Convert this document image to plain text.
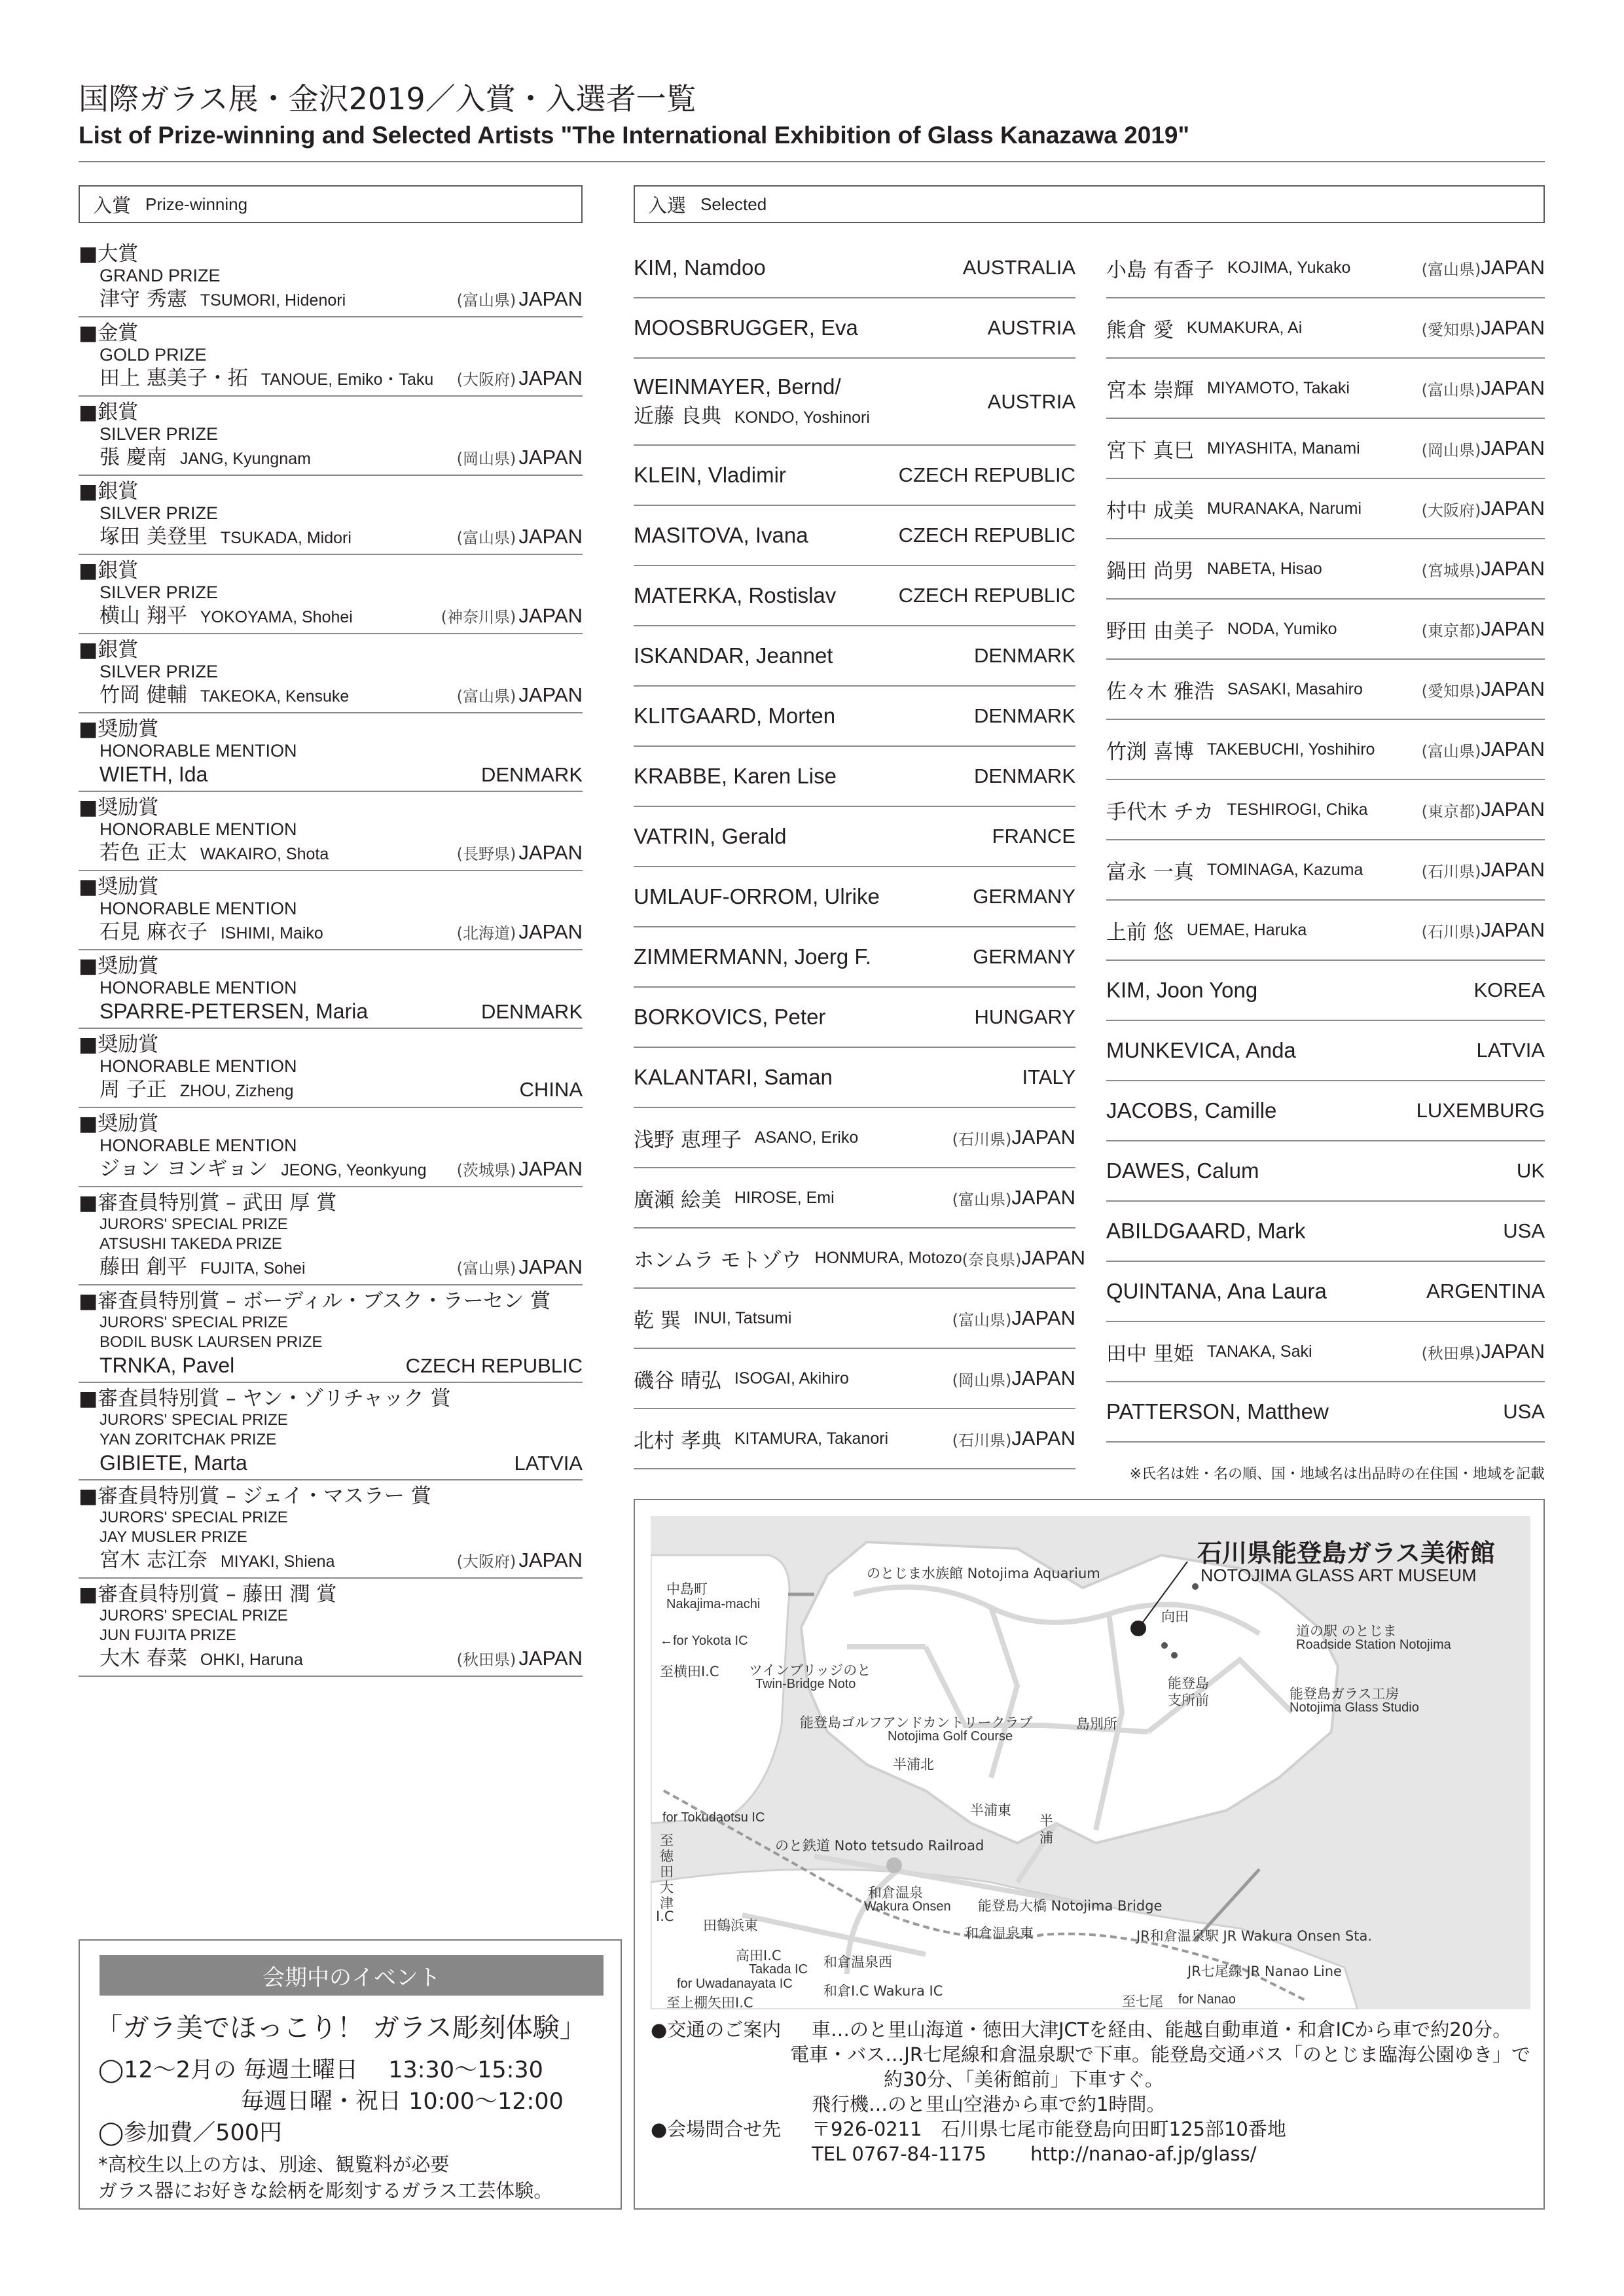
国際ガラス展・金沢2019／入賞・入選者一覧
List of Prize-winning and Selected Artists "The International Exhibition of Glass Kanazawa 2019"
入賞 Prize-winning	入選 Selected
■大賞
GRAND PRIZE
津守 秀憲 TSUMORI, Hidenori	(富山県) JAPAN
■金賞
GOLD PRIZE
田上 惠美子・拓 TANOUE, Emiko・Taku (大阪府) JAPAN
■銀賞
SILVER PRIZE
張 慶南 JANG, Kyungnam	(岡山県) JAPAN
■銀賞
SILVER PRIZE
塚田 美登里 TSUKADA, Midori	(富山県) JAPAN
■銀賞
SILVER PRIZE
横山 翔平 YOKOYAMA, Shohei	(神奈川県) JAPAN
■銀賞
SILVER PRIZE
竹岡 健輔 TAKEOKA, Kensuke	(富山県) JAPAN
■奨励賞
HONORABLE MENTION
WIETH, Ida	DENMARK
■奨励賞
HONORABLE MENTION
若色 正太 WAKAIRO, Shota	(長野県) JAPAN
■奨励賞
HONORABLE MENTION
石見 麻衣子 ISHIMI, Maiko	(北海道) JAPAN
■奨励賞
HONORABLE MENTION
SPARRE-PETERSEN, Maria	DENMARK
■奨励賞
HONORABLE MENTION
周 子正 ZHOU, Zizheng	CHINA
■奨励賞
HONORABLE MENTION
ジョン ヨンギョン JEONG, Yeonkyung (茨城県) JAPAN
■審査員特別賞 – 武田 厚 賞
JURORS' SPECIAL PRIZE
ATSUSHI TAKEDA PRIZE
藤田 創平 FUJITA, Sohei	(富山県) JAPAN
■審査員特別賞 – ボーディル・ブスク・ラーセン 賞
JURORS' SPECIAL PRIZE
BODIL BUSK LAURSEN PRIZE
TRNKA, Pavel	CZECH REPUBLIC
■審査員特別賞 – ヤン・ゾリチャック 賞
JURORS' SPECIAL PRIZE
YAN ZORITCHAK PRIZE
GIBIETE, Marta	LATVIA
■審査員特別賞 – ジェイ・マスラー 賞
JURORS' SPECIAL PRIZE
JAY MUSLER PRIZE
宮木 志江奈 MIYAKI, Shiena	(大阪府) JAPAN
■審査員特別賞 – 藤田 潤 賞
JURORS' SPECIAL PRIZE
JUN FUJITA PRIZE
大木 春菜 OHKI, Haruna	(秋田県) JAPAN
KIM, Namdoo	AUSTRALIA
MOOSBRUGGER, Eva	AUSTRIA
WEINMAYER, Bernd/
近藤 良典 KONDO, Yoshinori
AUSTRIA
KLEIN, Vladimir	CZECH REPUBLIC
MASITOVA, Ivana	CZECH REPUBLIC
MATERKA, Rostislav	CZECH REPUBLIC
ISKANDAR, Jeannet	DENMARK
KLITGAARD, Morten	DENMARK
KRABBE, Karen Lise	DENMARK
VATRIN, Gerald	FRANCE
UMLAUF-ORROM, Ulrike	GERMANY
ZIMMERMANN, Joerg F.	GERMANY
BORKOVICS, Peter	HUNGARY
KALANTARI, Saman	ITALY
浅野 恵理子 ASANO, Eriko	(石川県) JAPAN
廣瀬 絵美 HIROSE, Emi	(富山県) JAPAN
ホンムラ モトゾウ HONMURA, Motozo (奈良県) JAPAN
乾 巽 INUI, Tatsumi	(富山県) JAPAN
磯谷 晴弘 ISOGAI, Akihiro	(岡山県) JAPAN
北村 孝典 KITAMURA, Takanori	(石川県) JAPAN
小島 有香子 KOJIMA, Yukako	(富山県) JAPAN
熊倉 愛 KUMAKURA, Ai	(愛知県) JAPAN
宮本 崇輝 MIYAMOTO, Takaki	(富山県) JAPAN
宮下 真巳 MIYASHITA, Manami	(岡山県) JAPAN
村中 成美 MURANAKA, Narumi	(大阪府) JAPAN
鍋田 尚男 NABETA, Hisao	(宮城県) JAPAN
野田 由美子 NODA, Yumiko	(東京都) JAPAN
佐々木 雅浩 SASAKI, Masahiro	(愛知県) JAPAN
竹渕 喜博 TAKEBUCHI, Yoshihiro	(富山県) JAPAN
手代木 チカ TESHIROGI, Chika	(東京都) JAPAN
富永 一真 TOMINAGA, Kazuma	(石川県) JAPAN
上前 悠 UEMAE, Haruka	(石川県) JAPAN
KIM, Joon Yong	KOREA
MUNKEVICA, Anda	LATVIA
JACOBS, Camille	LUXEMBURG
DAWES, Calum	UK
ABILDGAARD, Mark	USA
QUINTANA, Ana Laura	ARGENTINA
田中 里姫 TANAKA, Saki	(秋田県) JAPAN
PATTERSON, Matthew	USA
※氏名は姓・名の順、国・地域名は出品時の在住国・地域を記載
会期中のイベント
「ガラ美でほっこり！ ガラス彫刻体験」
◯12～2月の 毎週土曜日　 13:30～15:30
毎週日曜・祝日 10:00～12:00
◯参加費／500円
*高校生以上の方は、別途、観覧料が必要
ガラス器にお好きな絵柄を彫刻するガラス工芸体験。
石川県能登島ガラス美術館
NOTOJIMA GLASS ART MUSEUM
中島町
Nakajima-machi
←for Yokota IC
至横田I.C
のとじま水族館 Notojima Aquarium
ツインブリッジのと
Twin-Bridge Noto
向田
道の駅 のとじま
Roadside Station Notojima
能登島ゴルフアンドカントリークラブ
Notojima Golf Course
島別所
能登島
支所前	能登島ガラス工房
Notojima Glass Studio
半浦北
半浦東
半
浦
for Tokudaotsu IC
至
徳
田
大
津
I.C
のと鉄道 Noto tetsudo Railroad
和倉温泉
Wakura Onsen 能登島大橋 Notojima Bridge
田鶴浜東	和倉温泉東
高田I.C
Takada IC 和倉温泉西
JR和倉温泉駅 JR Wakura Onsen Sta.
JR七尾線 JR Nanao Line
for Uwadanayata IC 和倉I.C Wakura IC
至上棚矢田I.C	至七尾 for Nanao
●交通のご案内	車…のと里山海道・徳田大津JCTを経由、能越自動車道・和倉ICから車で約20分。
電車・バス…JR七尾線和倉温泉駅で下車。能登島交通バス「のとじま臨海公園ゆき」で
約30分、「美術館前」下車すぐ。
飛行機…のと里山空港から車で約1時間。
●会場問合せ先	〒926-0211　石川県七尾市能登島向田町125部10番地
TEL 0767-84-1175　　 http://nanao-af.jp/glass/
